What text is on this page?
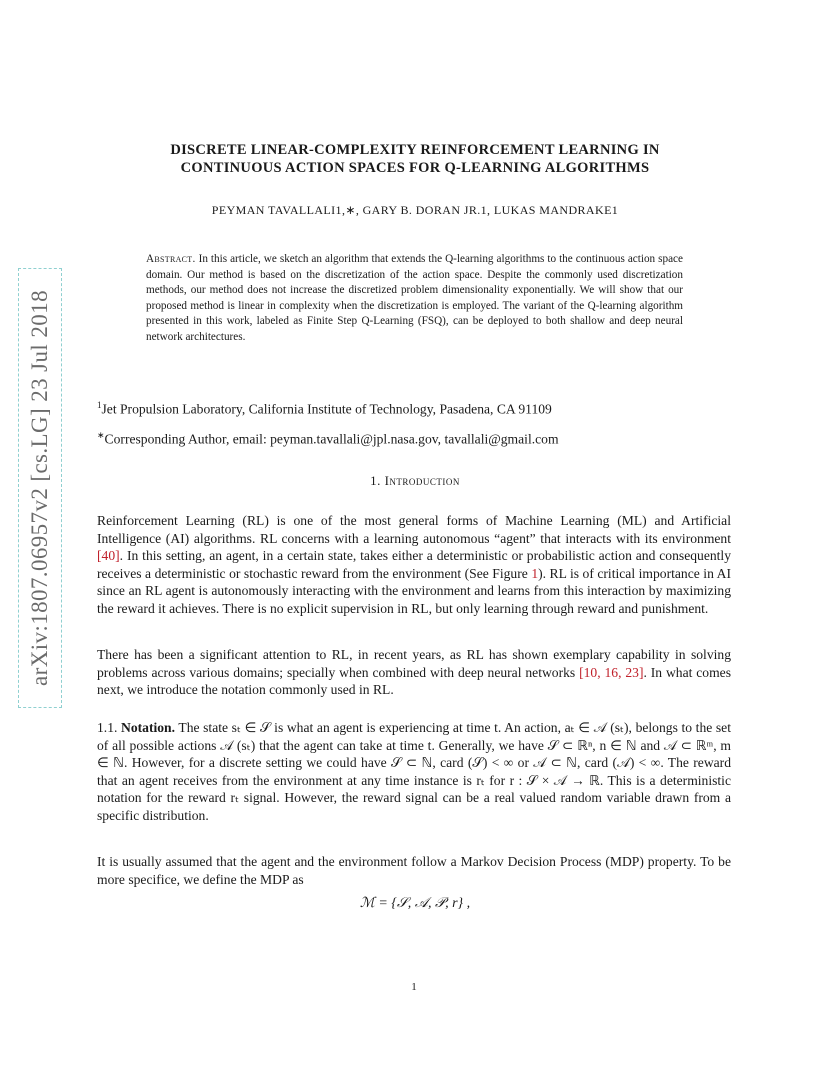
arXiv:1807.06957v2 [cs.LG] 23 Jul 2018
DISCRETE LINEAR-COMPLEXITY REINFORCEMENT LEARNING IN
CONTINUOUS ACTION SPACES FOR Q-LEARNING ALGORITHMS
PEYMAN TAVALLALI1,∗, GARY B. DORAN JR.1, LUKAS MANDRAKE1
Abstract. In this article, we sketch an algorithm that extends the Q-learning algorithms to the continuous action space domain. Our method is based on the discretization of the action space. Despite the commonly used discretization methods, our method does not increase the discretized problem dimensionality exponentially. We will show that our proposed method is linear in complexity when the discretization is employed. The variant of the Q-learning algorithm presented in this work, labeled as Finite Step Q-Learning (FSQ), can be deployed to both shallow and deep neural network architectures.
$^1$Jet Propulsion Laboratory, California Institute of Technology, Pasadena, CA 91109
∗Corresponding Author, email: peyman.tavallali@jpl.nasa.gov, tavallali@gmail.com
1. Introduction
Reinforcement Learning (RL) is one of the most general forms of Machine Learning (ML) and Artificial Intelligence (AI) algorithms. RL concerns with a learning autonomous “agent” that interacts with its environment [40]. In this setting, an agent, in a certain state, takes either a deterministic or probabilistic action and consequently receives a deterministic or stochastic reward from the environment (See Figure 1). RL is of critical importance in AI since an RL agent is autonomously interacting with the environment and learns from this interaction by maximizing the reward it achieves. There is no explicit supervision in RL, but only learning through reward and punishment.
There has been a significant attention to RL, in recent years, as RL has shown exemplary capability in solving problems across various domains; specially when combined with deep neural networks [10, 16, 23]. In what comes next, we introduce the notation commonly used in RL.
1.1. Notation. The state sₜ ∈ 𝒮 is what an agent is experiencing at time t. An action, aₜ ∈ 𝒜 (sₜ), belongs to the set of all possible actions 𝒜 (sₜ) that the agent can take at time t. Generally, we have 𝒮 ⊂ ℝⁿ, n ∈ ℕ and 𝒜 ⊂ ℝᵐ, m ∈ ℕ. However, for a discrete setting we could have 𝒮 ⊂ ℕ, card (𝒮) < ∞ or 𝒜 ⊂ ℕ, card (𝒜) < ∞. The reward that an agent receives from the environment at any time instance is rₜ for r : 𝒮 × 𝒜 → ℝ. This is a deterministic notation for the reward rₜ signal. However, the reward signal can be a real valued random variable drawn from a specific distribution.
It is usually assumed that the agent and the environment follow a Markov Decision Process (MDP) property. To be more specifice, we define the MDP as
ℳ = {𝒮, 𝒜, 𝒫, r} ,
1
